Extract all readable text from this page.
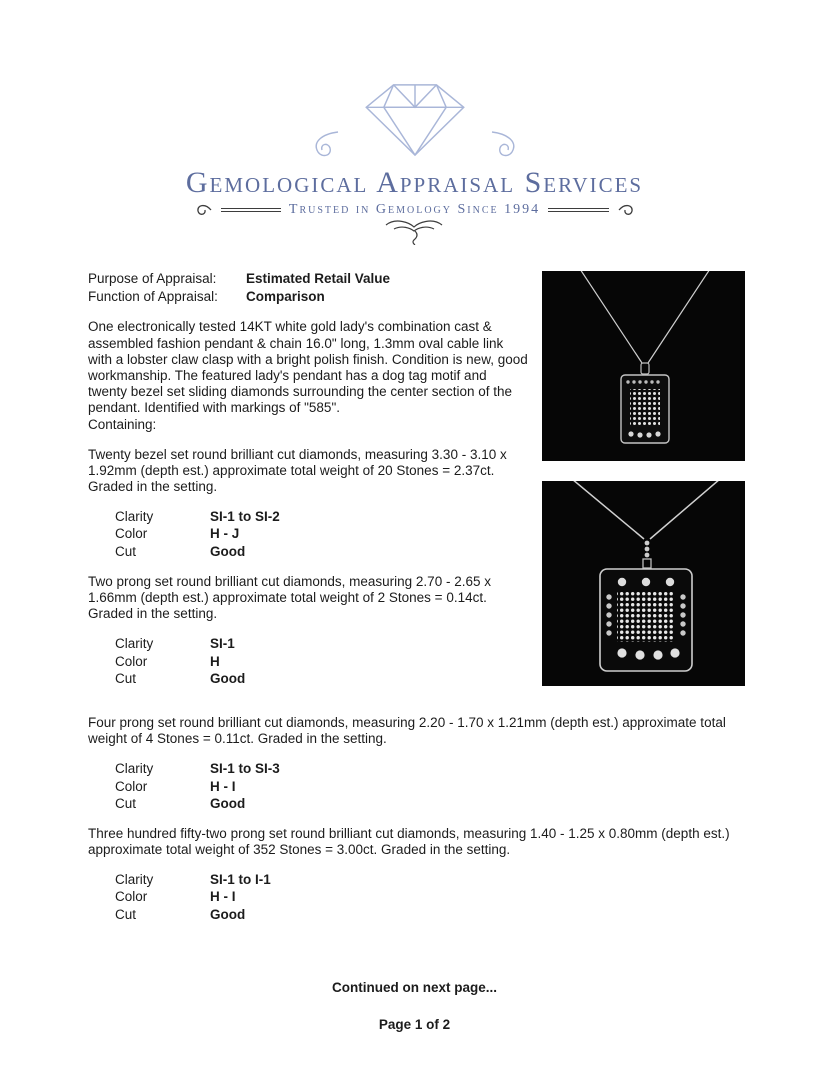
Gemological Appraisal Services
Trusted in Gemology Since 1994
Purpose of Appraisal:	Estimated Retail Value
Function of Appraisal:	Comparison

One electronically tested 14KT white gold lady's combination cast & assembled fashion pendant & chain 16.0" long, 1.3mm oval cable link with a lobster claw clasp with a bright polish finish. Condition is new, good workmanship. The featured lady's pendant has a dog tag motif and twenty bezel set sliding diamonds surrounding the center section of the pendant. Identified with markings of "585".

Containing:

Twenty bezel set round brilliant cut diamonds, measuring 3.30 - 3.10 x 1.92mm (depth est.) approximate total weight of 20 Stones = 2.37ct. Graded in the setting.

Clarity	SI-1 to SI-2
Color	H - J
Cut	Good

Two prong set round brilliant cut diamonds, measuring 2.70 - 2.65 x 1.66mm (depth est.) approximate total weight of 2 Stones = 0.14ct. Graded in the setting.

Clarity	SI-1
Color	H
Cut	Good

Four prong set round brilliant cut diamonds, measuring 2.20 - 1.70 x 1.21mm (depth est.) approximate total weight of 4 Stones = 0.11ct. Graded in the setting.

Clarity	SI-1 to SI-3
Color	H - I
Cut	Good

Three hundred fifty-two prong set round brilliant cut diamonds, measuring 1.40 - 1.25 x 0.80mm (depth est.) approximate total weight of 352 Stones = 3.00ct. Graded in the setting.

Clarity	SI-1 to I-1
Color	H - I
Cut	Good
Continued on next page...
Page 1 of 2
